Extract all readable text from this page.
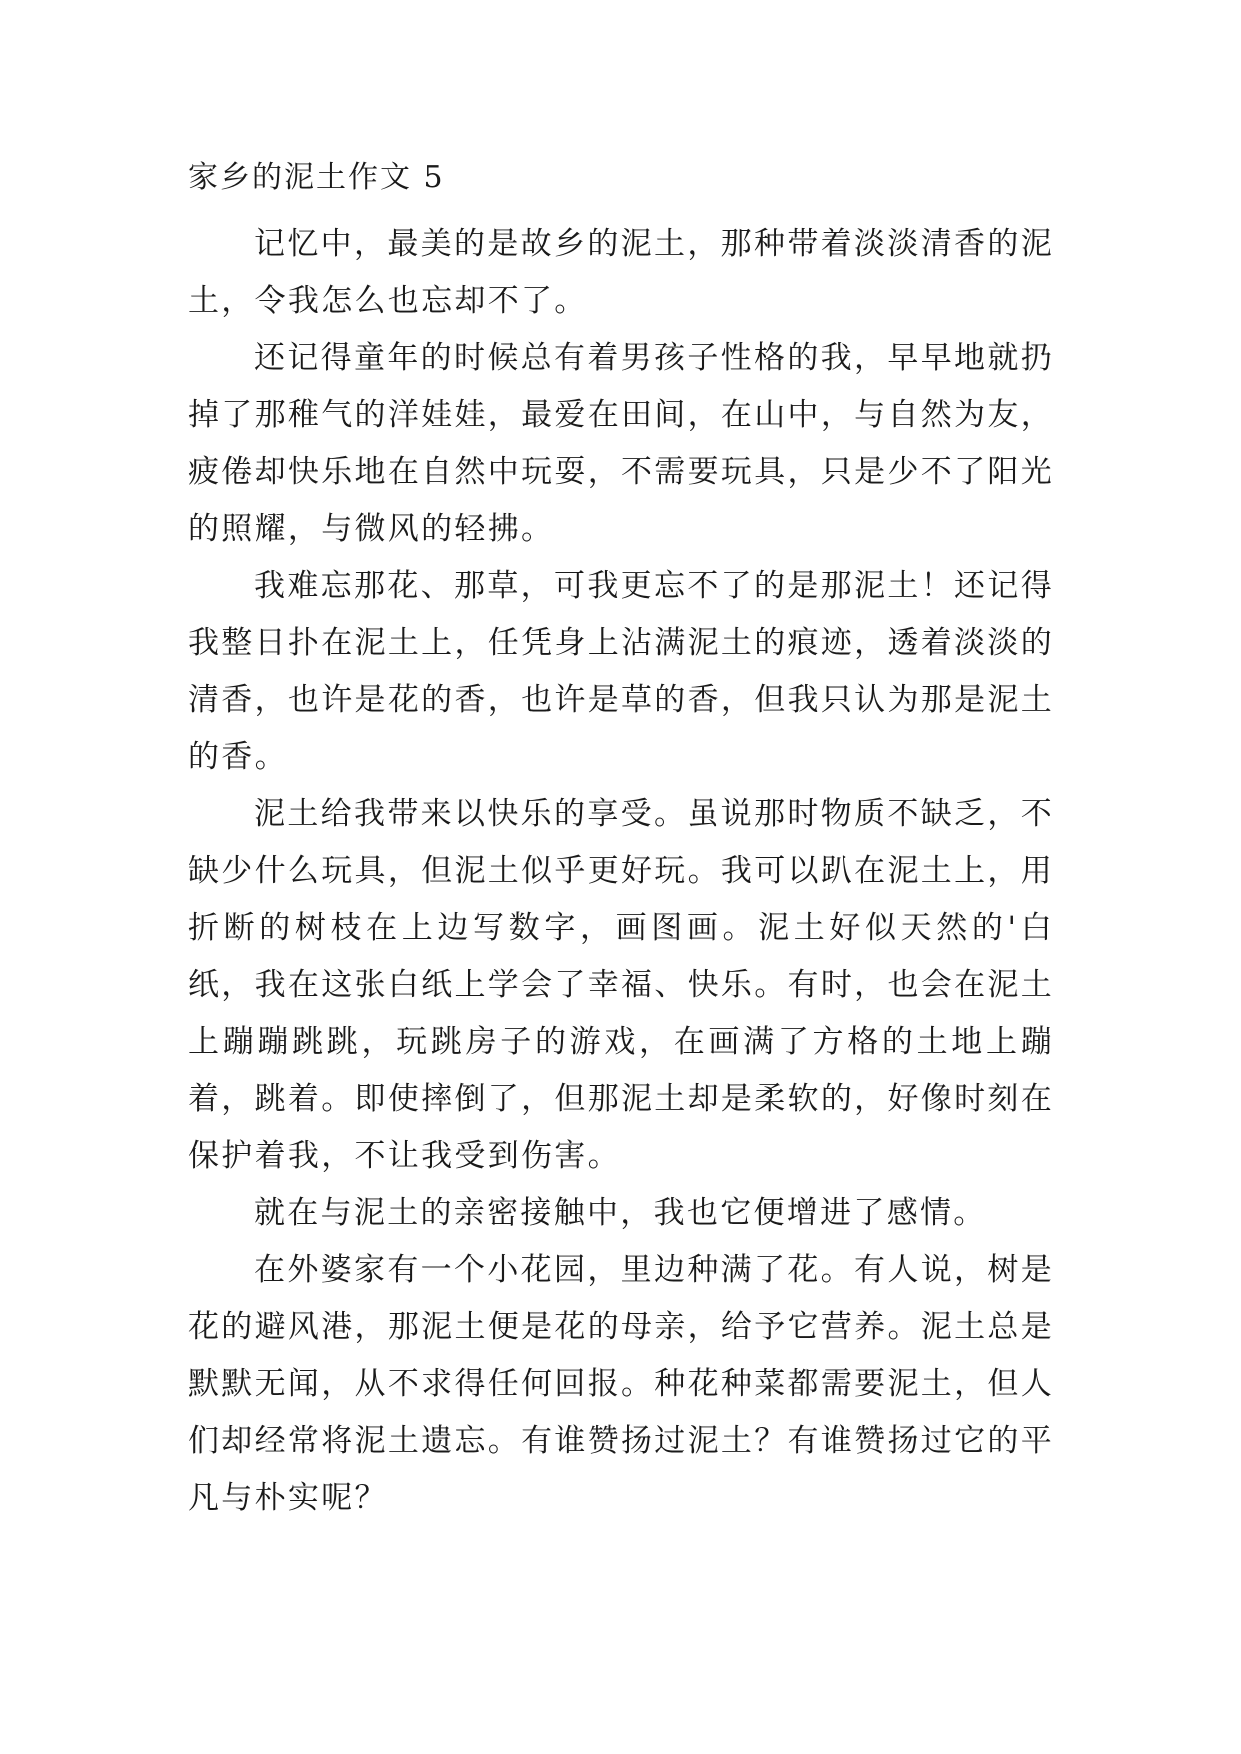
家乡的泥土作文 5

记忆中，最美的是故乡的泥土，那种带着淡淡清香的泥土，令我怎么也忘却不了。

还记得童年的时候总有着男孩子性格的我，早早地就扔掉了那稚气的洋娃娃，最爱在田间，在山中，与自然为友，疲倦却快乐地在自然中玩耍，不需要玩具，只是少不了阳光的照耀，与微风的轻拂。

我难忘那花、那草，可我更忘不了的是那泥土！还记得我整日扑在泥土上，任凭身上沾满泥土的痕迹，透着淡淡的清香，也许是花的香，也许是草的香，但我只认为那是泥土的香。

泥土给我带来以快乐的享受。虽说那时物质不缺乏，不缺少什么玩具，但泥土似乎更好玩。我可以趴在泥土上，用折断的树枝在上边写数字，画图画。泥土好似天然的'白纸，我在这张白纸上学会了幸福、快乐。有时，也会在泥土上蹦蹦跳跳，玩跳房子的游戏，在画满了方格的土地上蹦着，跳着。即使摔倒了，但那泥土却是柔软的，好像时刻在保护着我，不让我受到伤害。

就在与泥土的亲密接触中，我也它便增进了感情。

在外婆家有一个小花园，里边种满了花。有人说，树是花的避风港，那泥土便是花的母亲，给予它营养。泥土总是默默无闻，从不求得任何回报。种花种菜都需要泥土，但人们却经常将泥土遗忘。有谁赞扬过泥土？有谁赞扬过它的平凡与朴实呢？
